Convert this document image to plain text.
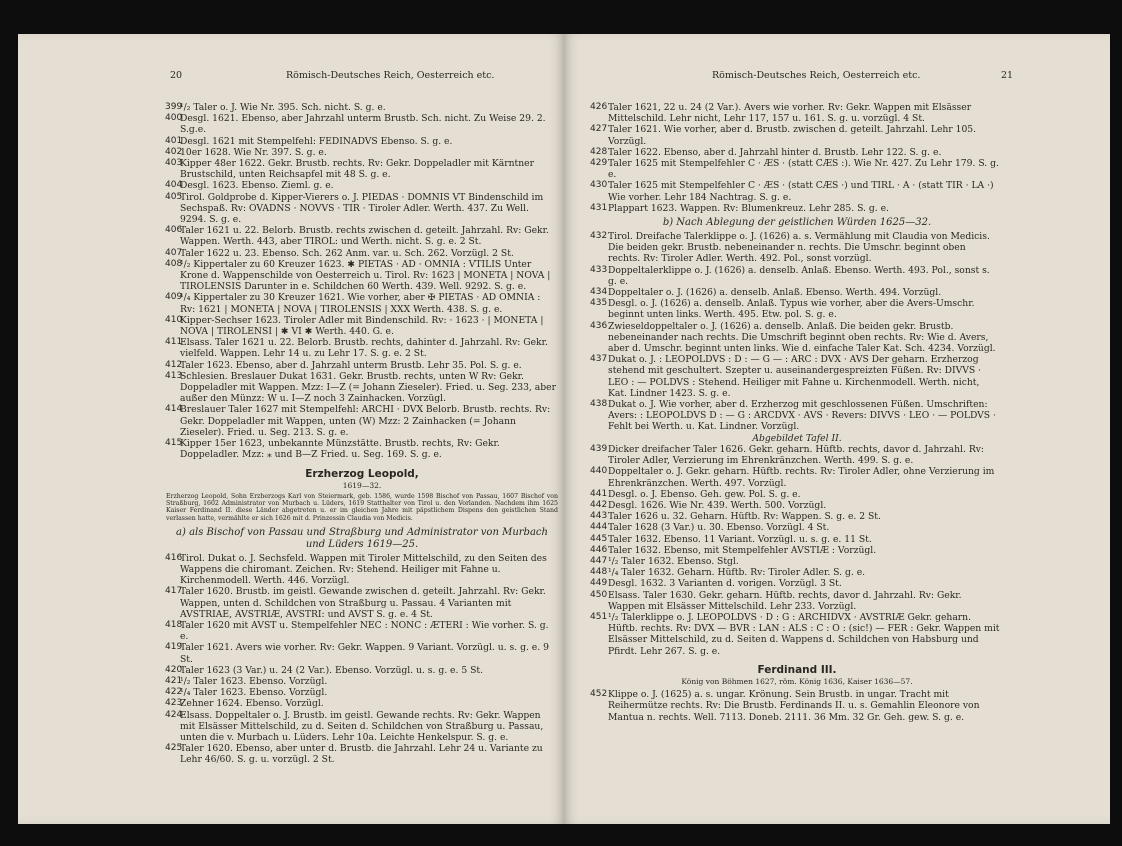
20	Römisch-Deutsches Reich, Oesterreich etc.
399
¹/₂ Taler o. J. Wie Nr. 395. Sch. nicht. S. g. e.
400
Desgl. 1621. Ebenso, aber Jahrzahl unterm Brustb. Sch. nicht. Zu Weise 29. 2. S.g.e.
401
Desgl. 1621 mit Stempelfehl: FEDINADVS Ebenso. S. g. e.
402
10er 1628. Wie Nr. 397. S. g. e.
403
Kipper 48er 1622. Gekr. Brustb. rechts. Rv: Gekr. Doppeladler mit Kärntner Brustschild, unten Reichsapfel mit 48 S. g. e.
404
Desgl. 1623. Ebenso. Zieml. g. e.
405
Tirol. Goldprobe d. Kipper-Vierers o. J. PIEDAS · DOMNIS VT Bindenschild im Sechspaß. Rv: OVADNS · NOVVS · TIR · Tiroler Adler. Werth. 437. Zu Well. 9294. S. g. e.
406
Taler 1621 u. 22. Belorb. Brustb. rechts zwischen d. geteilt. Jahrzahl. Rv: Gekr. Wappen. Werth. 443, aber TIROL: und Werth. nicht. S. g. e. 2 St.
407
Taler 1622 u. 23. Ebenso. Sch. 262 Anm. var. u. Sch. 262. Vorzügl. 2 St.
408
¹/₂ Kippertaler zu 60 Kreuzer 1623. ✱ PIETAS · AD · OMNIA : VTILIS Unter Krone d. Wappenschilde von Oesterreich u. Tirol. Rv: 1623 | MONETA | NOVA | TIROLENSIS Darunter in e. Schildchen 60 Werth. 439. Well. 9292. S. g. e.
409
¹/₄ Kippertaler zu 30 Kreuzer 1621. Wie vorher, aber ✠ PIETAS · AD OMNIA : Rv: 1621 | MONETA | NOVA | TIROLENSIS | XXX Werth. 438. S. g. e.
410
Kipper-Sechser 1623. Tiroler Adler mit Bindenschild. Rv: · 1623 · | MONETA | NOVA | TIROLENSI | ✱ VI ✱ Werth. 440. G. e.
411
Elsass. Taler 1621 u. 22. Belorb. Brustb. rechts, dahinter d. Jahrzahl. Rv: Gekr. vielfeld. Wappen. Lehr 14 u. zu Lehr 17. S. g. e. 2 St.
412
Taler 1623. Ebenso, aber d. Jahrzahl unterm Brustb. Lehr 35. Pol. S. g. e.
413
Schlesien. Breslauer Dukat 1631. Gekr. Brustb. rechts, unten W Rv: Gekr. Doppeladler mit Wappen. Mzz: I—Z (= Johann Zieseler). Fried. u. Seg. 233, aber außer den Münzz: W u. I—Z noch 3 Zainhacken. Vorzügl.
414
Breslauer Taler 1627 mit Stempelfehl: ARCHI · DVX Belorb. Brustb. rechts. Rv: Gekr. Doppeladler mit Wappen, unten (W) Mzz: 2 Zainhacken (= Johann Zieseler). Fried. u. Seg. 213. S. g. e.
415
Kipper 15er 1623, unbekannte Münzstätte. Brustb. rechts, Rv: Gekr. Doppeladler. Mzz: ⁎ und B—Z Fried. u. Seg. 169. S. g. e.
Erzherzog Leopold,
1619—32.
Erzherzog Leopold, Sohn Erzherzogs Karl von Steiermark, geb. 1586, wurde 1598 Bischof von Passau, 1607 Bischof von Straßburg, 1602 Administrator von Murbach u. Lüders, 1619 Statthalter von Tirol u. den Vorlanden. Nachdem ihm 1625 Kaiser Ferdinand II. diese Länder abgetreten u. er im gleichen Jahre mit päpstlichem Dispens den geistlichen Stand verlassen hatte, vermählte er sich 1626 mit d. Prinzessin Claudia von Medicis.
a) als Bischof von Passau und Straßburg und Administrator von Murbach und Lüders 1619—25.
416
Tirol. Dukat o. J. Sechsfeld. Wappen mit Tiroler Mittelschild, zu den Seiten des Wappens die chiromant. Zeichen. Rv: Stehend. Heiliger mit Fahne u. Kirchenmodell. Werth. 446. Vorzügl.
417
Taler 1620. Brustb. im geistl. Gewande zwischen d. geteilt. Jahrzahl. Rv: Gekr. Wappen, unten d. Schildchen von Straßburg u. Passau. 4 Varianten mit AVSTRIAE, AVSTRIÆ, AVSTRI: und AVST S. g. e. 4 St.
418
Taler 1620 mit AVST u. Stempelfehler NEC : NONC : ÆTERI : Wie vorher. S. g. e.
419
Taler 1621. Avers wie vorher. Rv: Gekr. Wappen. 9 Variant. Vorzügl. u. s. g. e. 9 St.
420
Taler 1623 (3 Var.) u. 24 (2 Var.). Ebenso. Vorzügl. u. s. g. e. 5 St.
421
¹/₂ Taler 1623. Ebenso. Vorzügl.
422
¹/₄ Taler 1623. Ebenso. Vorzügl.
423
Zehner 1624. Ebenso. Vorzügl.
424
Elsass. Doppeltaler o. J. Brustb. im geistl. Gewande rechts. Rv: Gekr. Wappen mit Elsässer Mittelschild, zu d. Seiten d. Schildchen von Straßburg u. Passau, unten die v. Murbach u. Lüders. Lehr 10a. Leichte Henkelspur. S. g. e.
425
Taler 1620. Ebenso, aber unter d. Brustb. die Jahrzahl. Lehr 24 u. Variante zu Lehr 46/60. S. g. u. vorzügl. 2 St.
Römisch-Deutsches Reich, Oesterreich etc.	21
426 Taler 1621, 22 u. 24 (2 Var.). Avers wie vorher. Rv: Gekr. Wappen mit Elsässer Mittelschild. Lehr nicht, Lehr 117, 157 u. 161. S. g. u. vorzügl. 4 St.
427 Taler 1621. Wie vorher, aber d. Brustb. zwischen d. geteilt. Jahrzahl. Lehr 105. Vorzügl.
428 Taler 1622. Ebenso, aber d. Jahrzahl hinter d. Brustb. Lehr 122. S. g. e.
429 Taler 1625 mit Stempelfehler C · ÆS · (statt CÆS :). Wie Nr. 427. Zu Lehr 179. S. g. e.
430 Taler 1625 mit Stempelfehler C · ÆS · (statt CÆS ·) und TIRL · A · (statt TIR · LA ·) Wie vorher. Lehr 184 Nachtrag. S. g. e.
431 Plappart 1623. Wappen. Rv: Blumenkreuz. Lehr 285. S. g. e.
b) Nach Ablegung der geistlichen Würden 1625—32.
432 Tirol. Dreifache Talerklippe o. J. (1626) a. s. Vermählung mit Claudia von Medicis. Die beiden gekr. Brustb. nebeneinander n. rechts. Die Umschr. beginnt oben rechts. Rv: Tiroler Adler. Werth. 492. Pol., sonst vorzügl.
433 Doppeltalerklippe o. J. (1626) a. denselb. Anlaß. Ebenso. Werth. 493. Pol., sonst s. g. e.
434 Doppeltaler o. J. (1626) a. denselb. Anlaß. Ebenso. Werth. 494. Vorzügl.
435 Desgl. o. J. (1626) a. denselb. Anlaß. Typus wie vorher, aber die Avers-Umschr. beginnt unten links. Werth. 495. Etw. pol. S. g. e.
436 Zwieseldoppeltaler o. J. (1626) a. denselb. Anlaß. Die beiden gekr. Brustb. nebeneinander nach rechts. Die Umschrift beginnt oben rechts. Rv: Wie d. Avers, aber d. Umschr. beginnt unten links. Wie d. einfache Taler Kat. Sch. 4234. Vorzügl.
437 Dukat o. J. : LEOPOLDVS : D : — G — : ARC : DVX · AVS Der geharn. Erzherzog stehend mit geschultert. Szepter u. auseinandergespreizten Füßen. Rv: DIVVS · LEO : — POLDVS : Stehend. Heiliger mit Fahne u. Kirchenmodell. Werth. nicht, Kat. Lindner 1423. S. g. e.
438 Dukat o. J. Wie vorher, aber d. Erzherzog mit geschlossenen Füßen. Umschriften: Avers: : LEOPOLDVS D : — G : ARCDVX · AVS · Revers: DIVVS · LEO · — POLDVS · Fehlt bei Werth. u. Kat. Lindner. Vorzügl.
Abgebildet Tafel II.
439 Dicker dreifacher Taler 1626. Gekr. geharn. Hüftb. rechts, davor d. Jahrzahl. Rv: Tiroler Adler, Verzierung im Ehrenkränzchen. Werth. 499. S. g. e.
440 Doppeltaler o. J. Gekr. geharn. Hüftb. rechts. Rv: Tiroler Adler, ohne Verzierung im Ehrenkränzchen. Werth. 497. Vorzügl.
441 Desgl. o. J. Ebenso. Geh. gew. Pol. S. g. e.
442 Desgl. 1626. Wie Nr. 439. Werth. 500. Vorzügl.
443 Taler 1626 u. 32. Geharn. Hüftb. Rv: Wappen. S. g. e. 2 St.
444 Taler 1628 (3 Var.) u. 30. Ebenso. Vorzügl. 4 St.
445 Taler 1632. Ebenso. 11 Variant. Vorzügl. u. s. g. e. 11 St.
446 Taler 1632. Ebenso, mit Stempelfehler AVSTIÆ : Vorzügl.
447 ¹/₂ Taler 1632. Ebenso. Stgl.
448 ¹/₄ Taler 1632. Geharn. Hüftb. Rv: Tiroler Adler. S. g. e.
449 Desgl. 1632. 3 Varianten d. vorigen. Vorzügl. 3 St.
450 Elsass. Taler 1630. Gekr. geharn. Hüftb. rechts, davor d. Jahrzahl. Rv: Gekr. Wappen mit Elsässer Mittelschild. Lehr 233. Vorzügl.
451 ¹/₂ Talerklippe o. J. LEOPOLDVS · D : G : ARCHIDVX · AVSTRIÆ Gekr. geharn. Hüftb. rechts. Rv: DVX — BVR : LAN : ALS : C : O : (sic!) — FER : Gekr. Wappen mit Elsässer Mittelschild, zu d. Seiten d. Wappens d. Schildchen von Habsburg und Pfirdt. Lehr 267. S. g. e.
Ferdinand III.
König von Böhmen 1627, röm. König 1636, Kaiser 1636—57.
452 Klippe o. J. (1625) a. s. ungar. Krönung. Sein Brustb. in ungar. Tracht mit Reihermütze rechts. Rv: Die Brustb. Ferdinands II. u. s. Gemahlin Eleonore von Mantua n. rechts. Well. 7113. Doneb. 2111. 36 Mm. 32 Gr. Geh. gew. S. g. e.
